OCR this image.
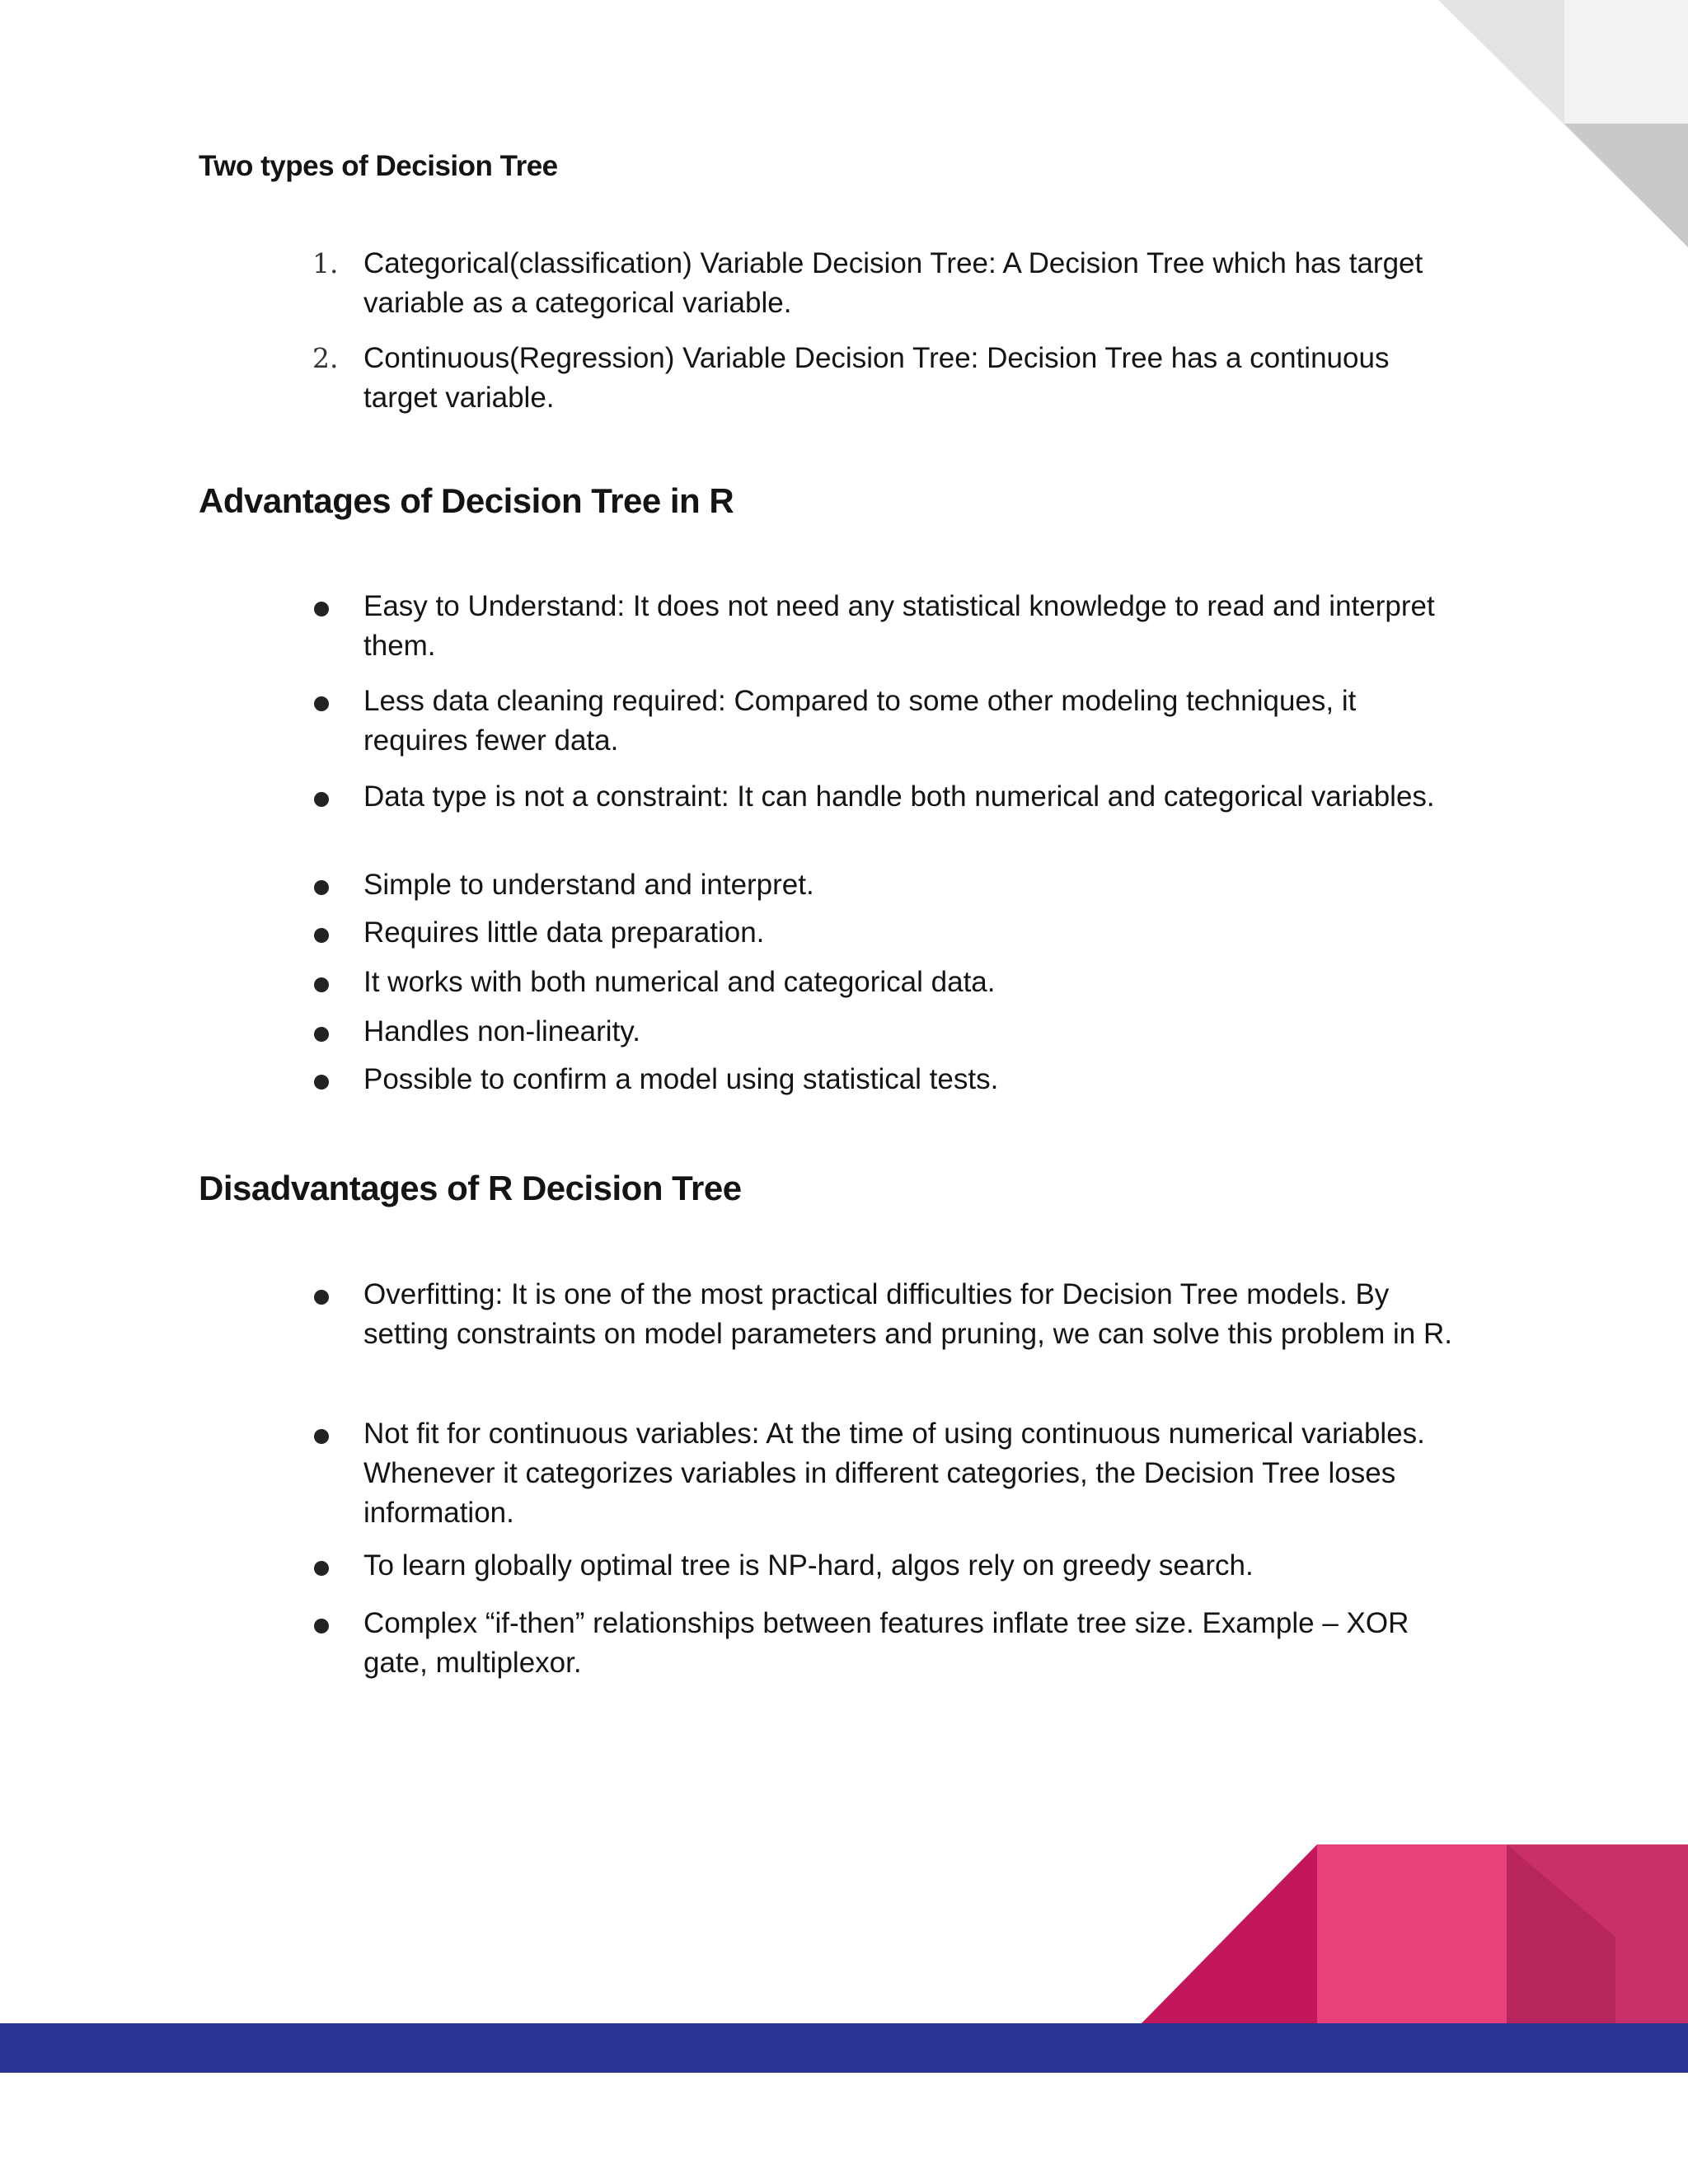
Two types of Decision Tree
1. Categorical(classification) Variable Decision Tree: A Decision Tree which has target variable as a categorical variable.
2. Continuous(Regression) Variable Decision Tree: Decision Tree has a continuous target variable.
Advantages of Decision Tree in R
Easy to Understand: It does not need any statistical knowledge to read and interpret them.
Less data cleaning required: Compared to some other modeling techniques, it requires fewer data.
Data type is not a constraint: It can handle both numerical and categorical variables.
Simple to understand and interpret.
Requires little data preparation.
It works with both numerical and categorical data.
Handles non-linearity.
Possible to confirm a model using statistical tests.
Disadvantages of R Decision Tree
Overfitting: It is one of the most practical difficulties for Decision Tree models. By setting constraints on model parameters and pruning, we can solve this problem in R.
Not fit for continuous variables: At the time of using continuous numerical variables. Whenever it categorizes variables in different categories, the Decision Tree loses information.
To learn globally optimal tree is NP-hard, algos rely on greedy search.
Complex “if-then” relationships between features inflate tree size. Example – XOR gate, multiplexor.
